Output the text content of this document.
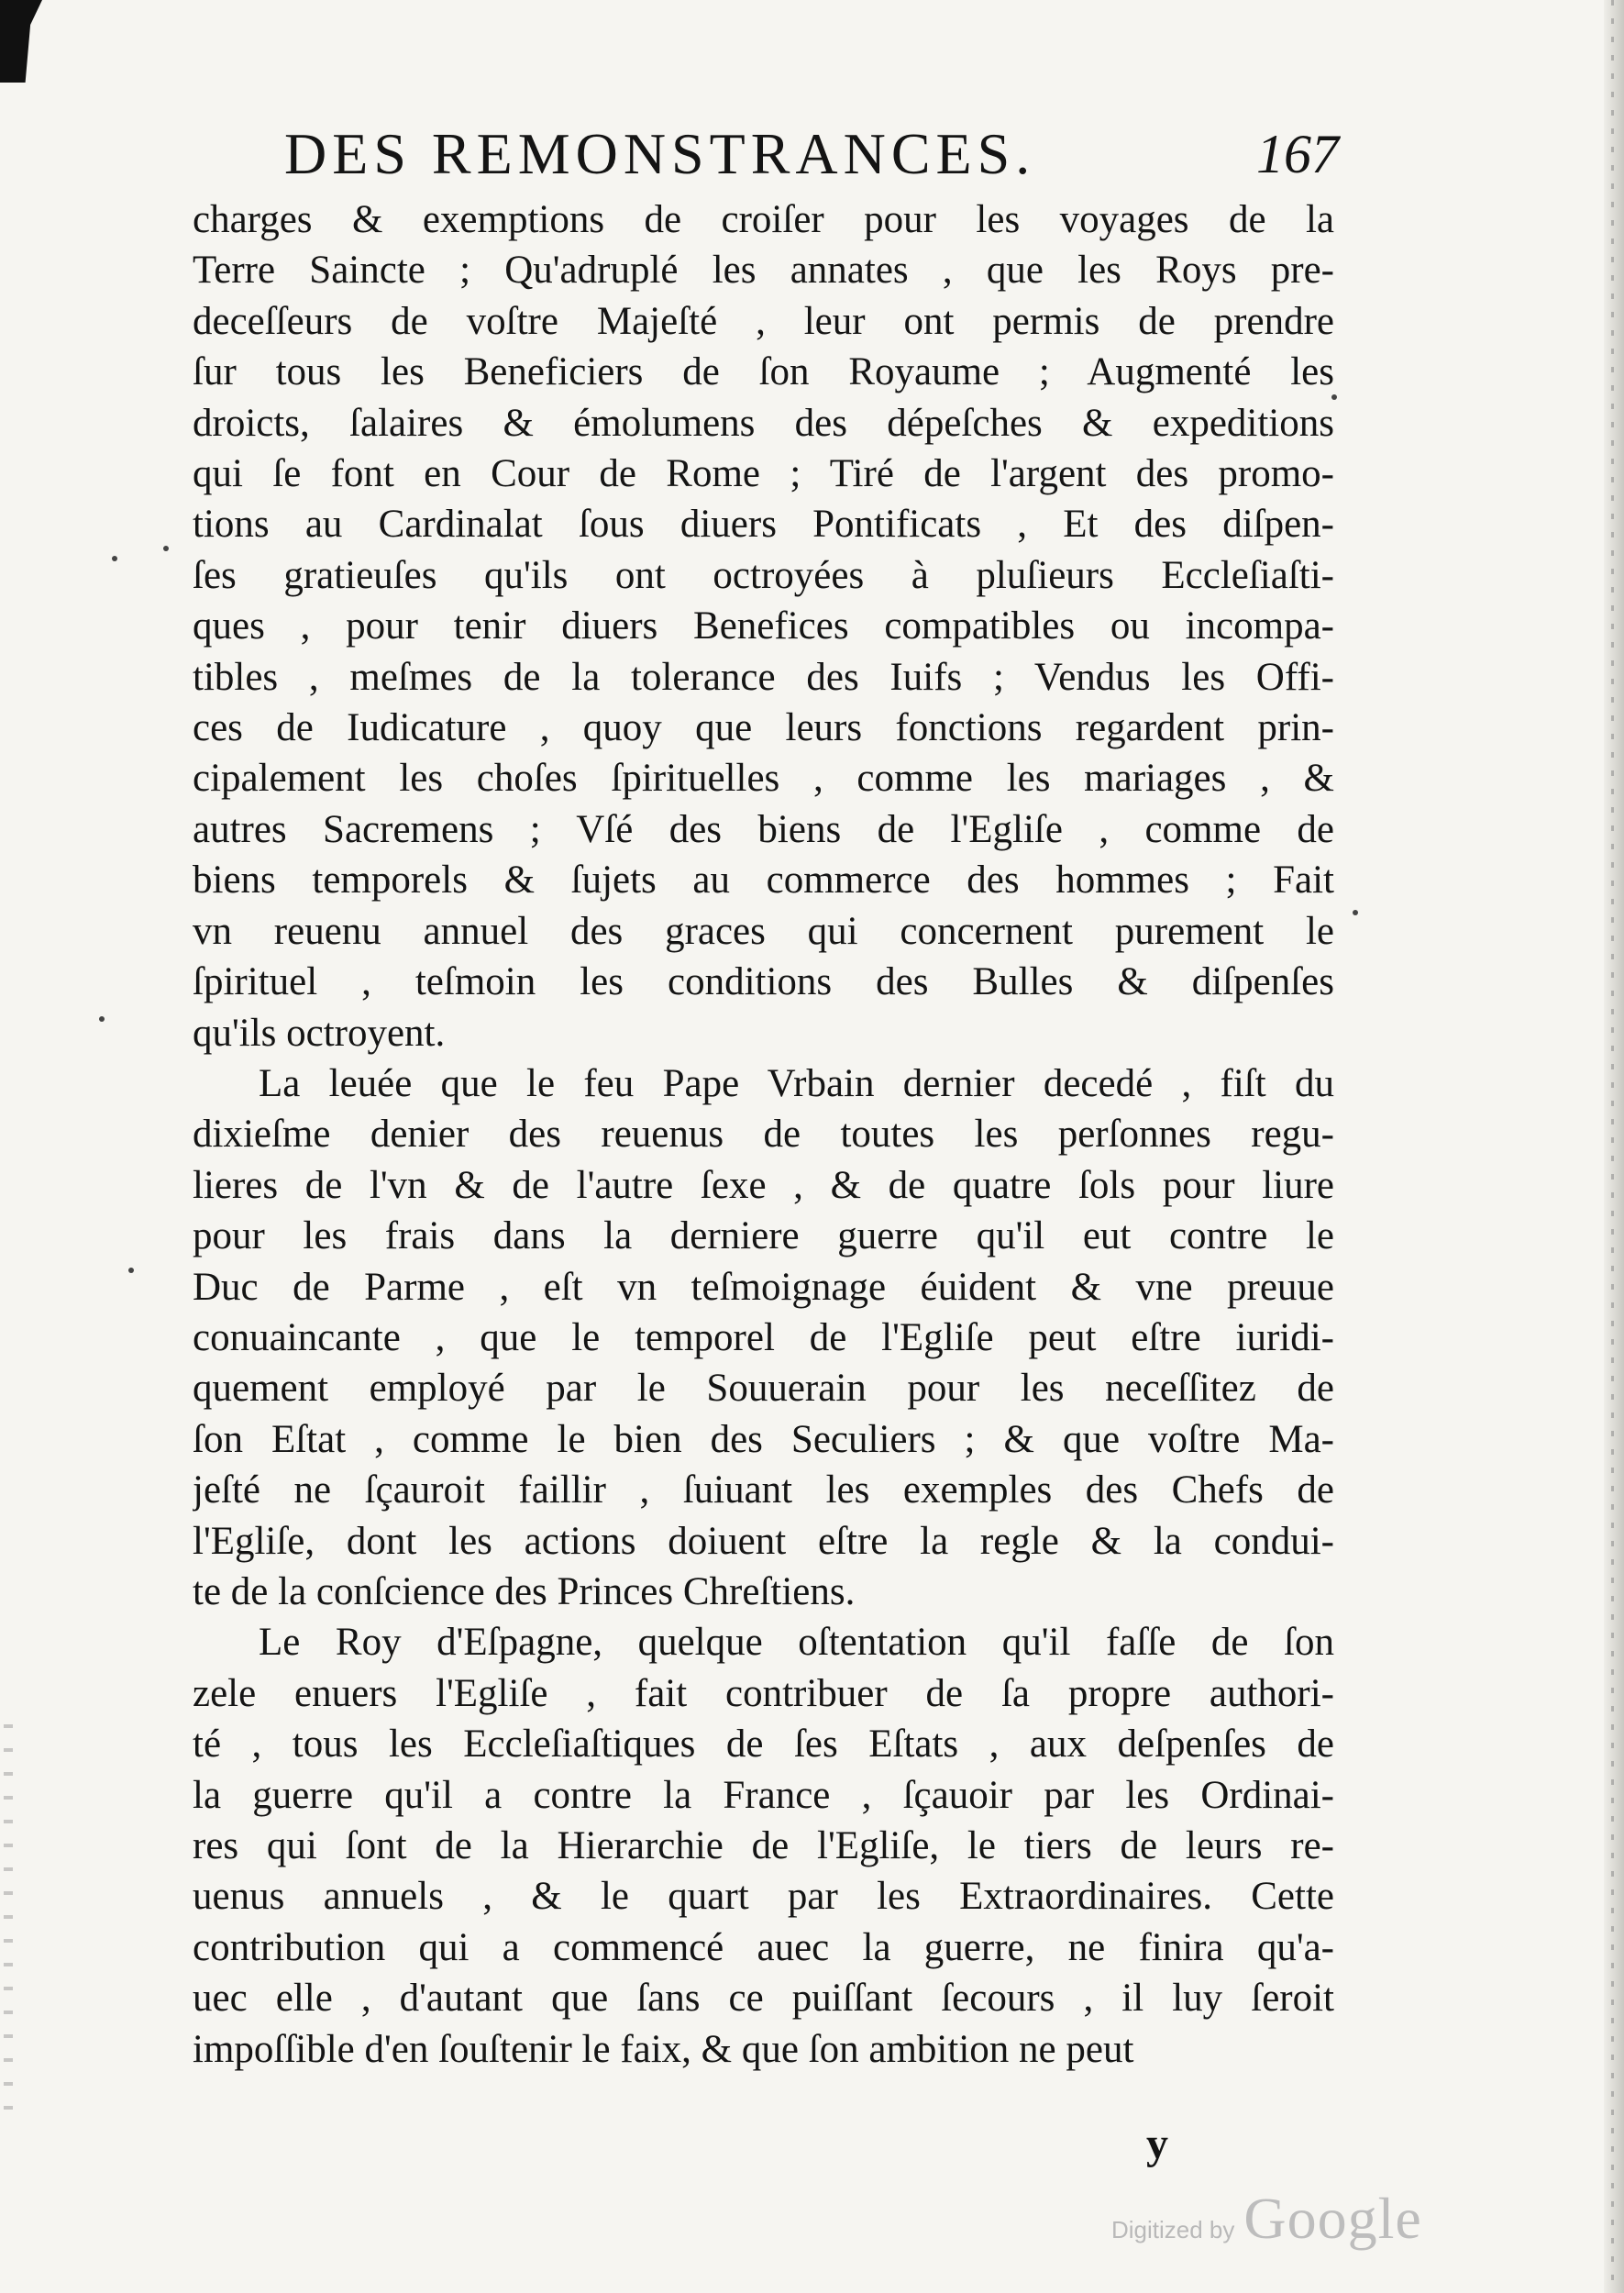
DES REMONSTRANCES.	167
charges & exemptions de croiſer pour les voyages de la
Terre Saincte ; Qu'adruplé les annates , que les Roys pre-
deceſſeurs de voſtre Majeſté , leur ont permis de prendre
ſur tous les Beneficiers de ſon Royaume ; Augmenté les
droicts, ſalaires & émolumens des dépeſches & expeditions
qui ſe font en Cour de Rome ; Tiré de l'argent des promo-
tions au Cardinalat ſous diuers Pontificats , Et des diſpen-
ſes gratieuſes qu'ils ont octroyées à pluſieurs Eccleſiaſti-
ques , pour tenir diuers Benefices compatibles ou incompa-
tibles , meſmes de la tolerance des Iuifs ; Vendus les Offi-
ces de Iudicature , quoy que leurs fonctions regardent prin-
cipalement les choſes ſpirituelles , comme les mariages , &
autres Sacremens ; Vſé des biens de l'Egliſe , comme de
biens temporels & ſujets au commerce des hommes ; Fait
vn reuenu annuel des graces qui concernent purement le
ſpirituel , teſmoin les conditions des Bulles & diſpenſes
qu'ils octroyent.
La leuée que le feu Pape Vrbain dernier decedé , fiſt du
dixieſme denier des reuenus de toutes les perſonnes regu-
lieres de l'vn & de l'autre ſexe , & de quatre ſols pour liure
pour les frais dans la derniere guerre qu'il eut contre le
Duc de Parme , eſt vn teſmoignage éuident & vne preuue
conuaincante , que le temporel de l'Egliſe peut eſtre iuridi-
quement employé par le Souuerain pour les neceſſitez de
ſon Eſtat , comme le bien des Seculiers ; & que voſtre Ma-
jeſté ne ſçauroit faillir , ſuiuant les exemples des Chefs de
l'Egliſe, dont les actions doiuent eſtre la regle & la condui-
te de la conſcience des Princes Chreſtiens.
Le Roy d'Eſpagne, quelque oſtentation qu'il faſſe de ſon
zele enuers l'Egliſe , fait contribuer de ſa propre authori-
té , tous les Eccleſiaſtiques de ſes Eſtats , aux deſpenſes de
la guerre qu'il a contre la France , ſçauoir par les Ordinai-
res qui ſont de la Hierarchie de l'Egliſe, le tiers de leurs re-
uenus annuels , & le quart par les Extraordinaires. Cette
contribution qui a commencé auec la guerre, ne finira qu'a-
uec elle , d'autant que ſans ce puiſſant ſecours , il luy ſeroit
impoſſible d'en ſouſtenir le faix, & que ſon ambition ne peut
y
Digitized by Google
